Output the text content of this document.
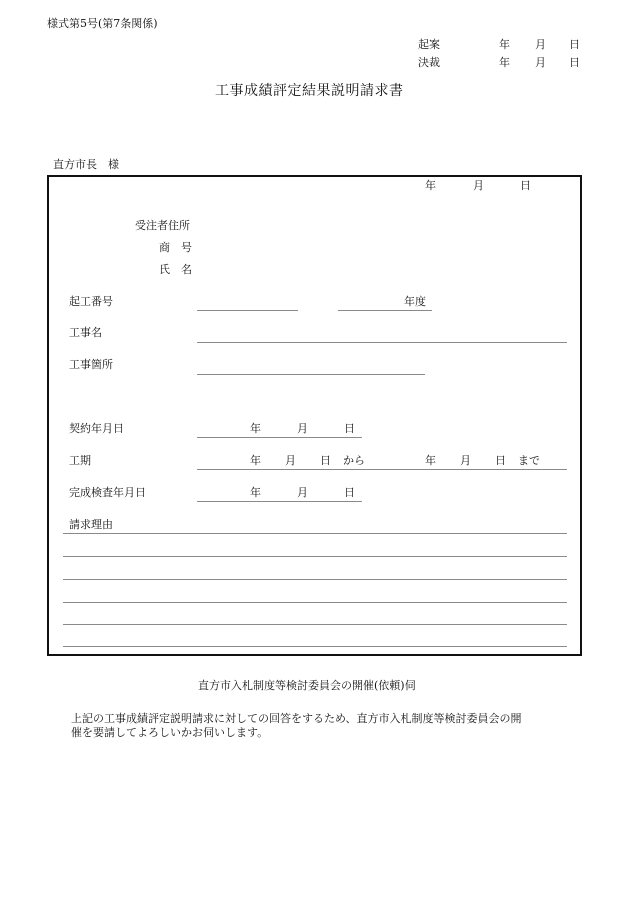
様式第5号(第7条関係)
起案	年 月 日
決裁	年 月 日
工事成績評定結果説明請求書
直方市長　様
年	月	日
受注者住所
商　号
氏　名
起工番号	年度
工事名
工事箇所
契約年月日	年	月	日
工期	年 月 日 から	年 月 日 まで
完成検査年月日	年	月	日
請求理由
直方市入札制度等検討委員会の開催(依頼)伺
上記の工事成績評定説明請求に対しての回答をするため、直方市入札制度等検討委員会の開
催を要請してよろしいかお伺いします。
